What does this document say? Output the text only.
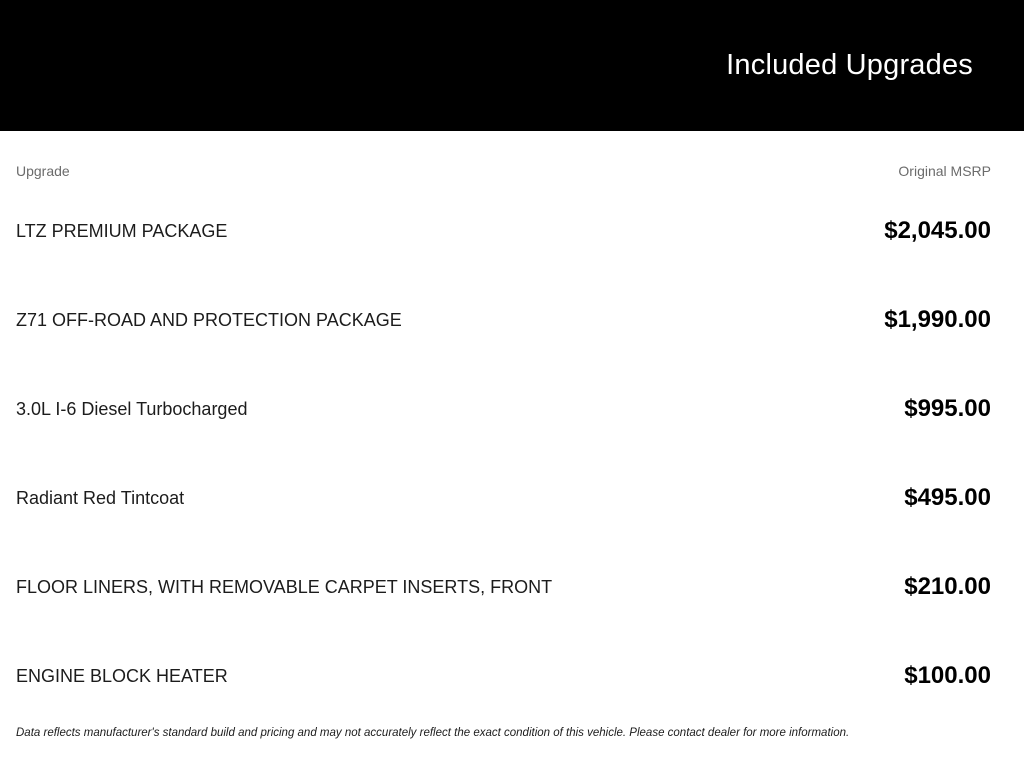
Included Upgrades
Upgrade	Original MSRP
LTZ PREMIUM PACKAGE	$2,045.00
Z71 OFF-ROAD AND PROTECTION PACKAGE	$1,990.00
3.0L I-6 Diesel Turbocharged	$995.00
Radiant Red Tintcoat	$495.00
FLOOR LINERS, WITH REMOVABLE CARPET INSERTS, FRONT	$210.00
ENGINE BLOCK HEATER	$100.00
Data reflects manufacturer's standard build and pricing and may not accurately reflect the exact condition of this vehicle. Please contact dealer for more information.
